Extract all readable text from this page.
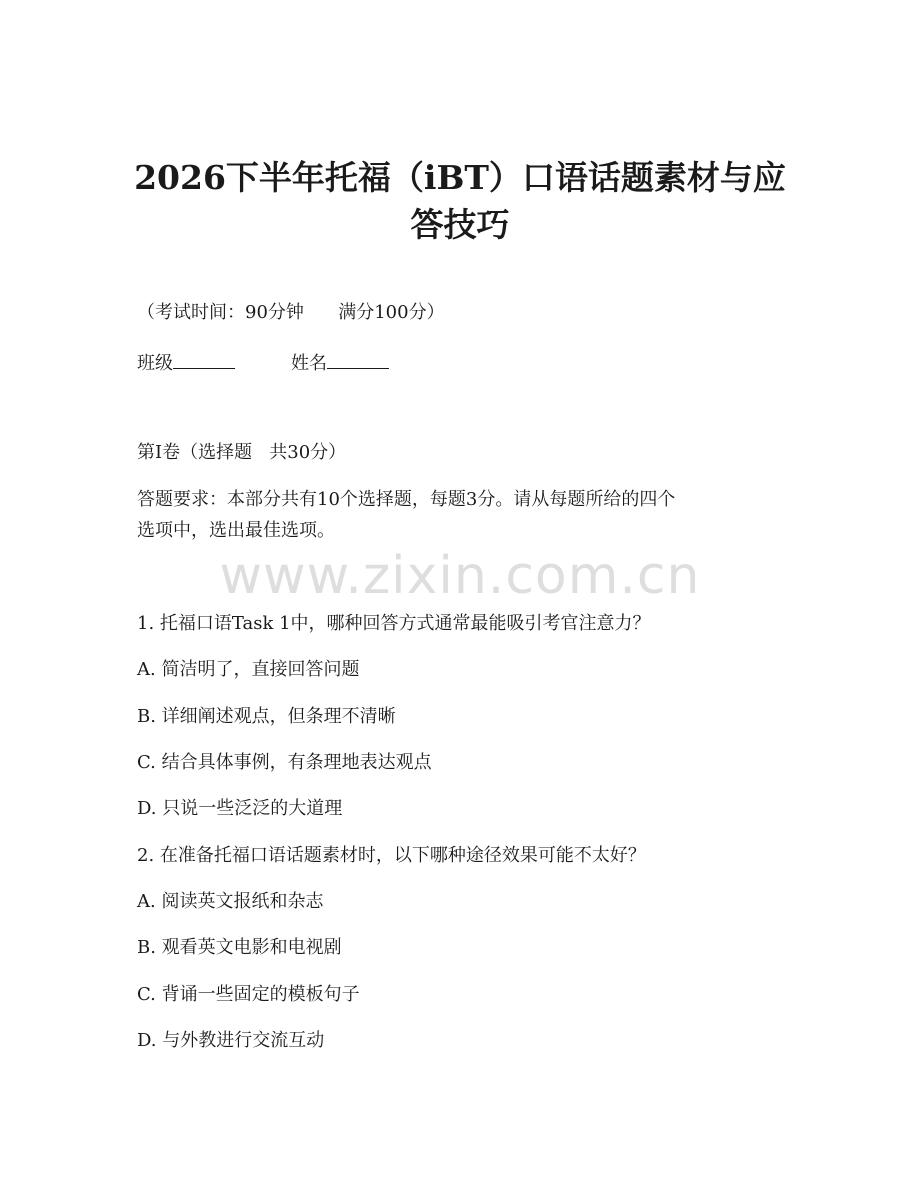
2026下半年托福（iBT）口语话题素材与应
答技巧

（考试时间：90分钟      满分100分）

班级	姓名

第I卷（选择题   共30分）

答题要求：本部分共有10个选择题，每题3分。请从每题所给的四个

选项中，选出最佳选项。

www.zixin.com.cn

1. 托福口语Task 1中，哪种回答方式通常最能吸引考官注意力？

A. 简洁明了，直接回答问题

B. 详细阐述观点，但条理不清晰

C. 结合具体事例，有条理地表达观点

D. 只说一些泛泛的大道理

2. 在准备托福口语话题素材时，以下哪种途径效果可能不太好？

A. 阅读英文报纸和杂志

B. 观看英文电影和电视剧

C. 背诵一些固定的模板句子

D. 与外教进行交流互动
